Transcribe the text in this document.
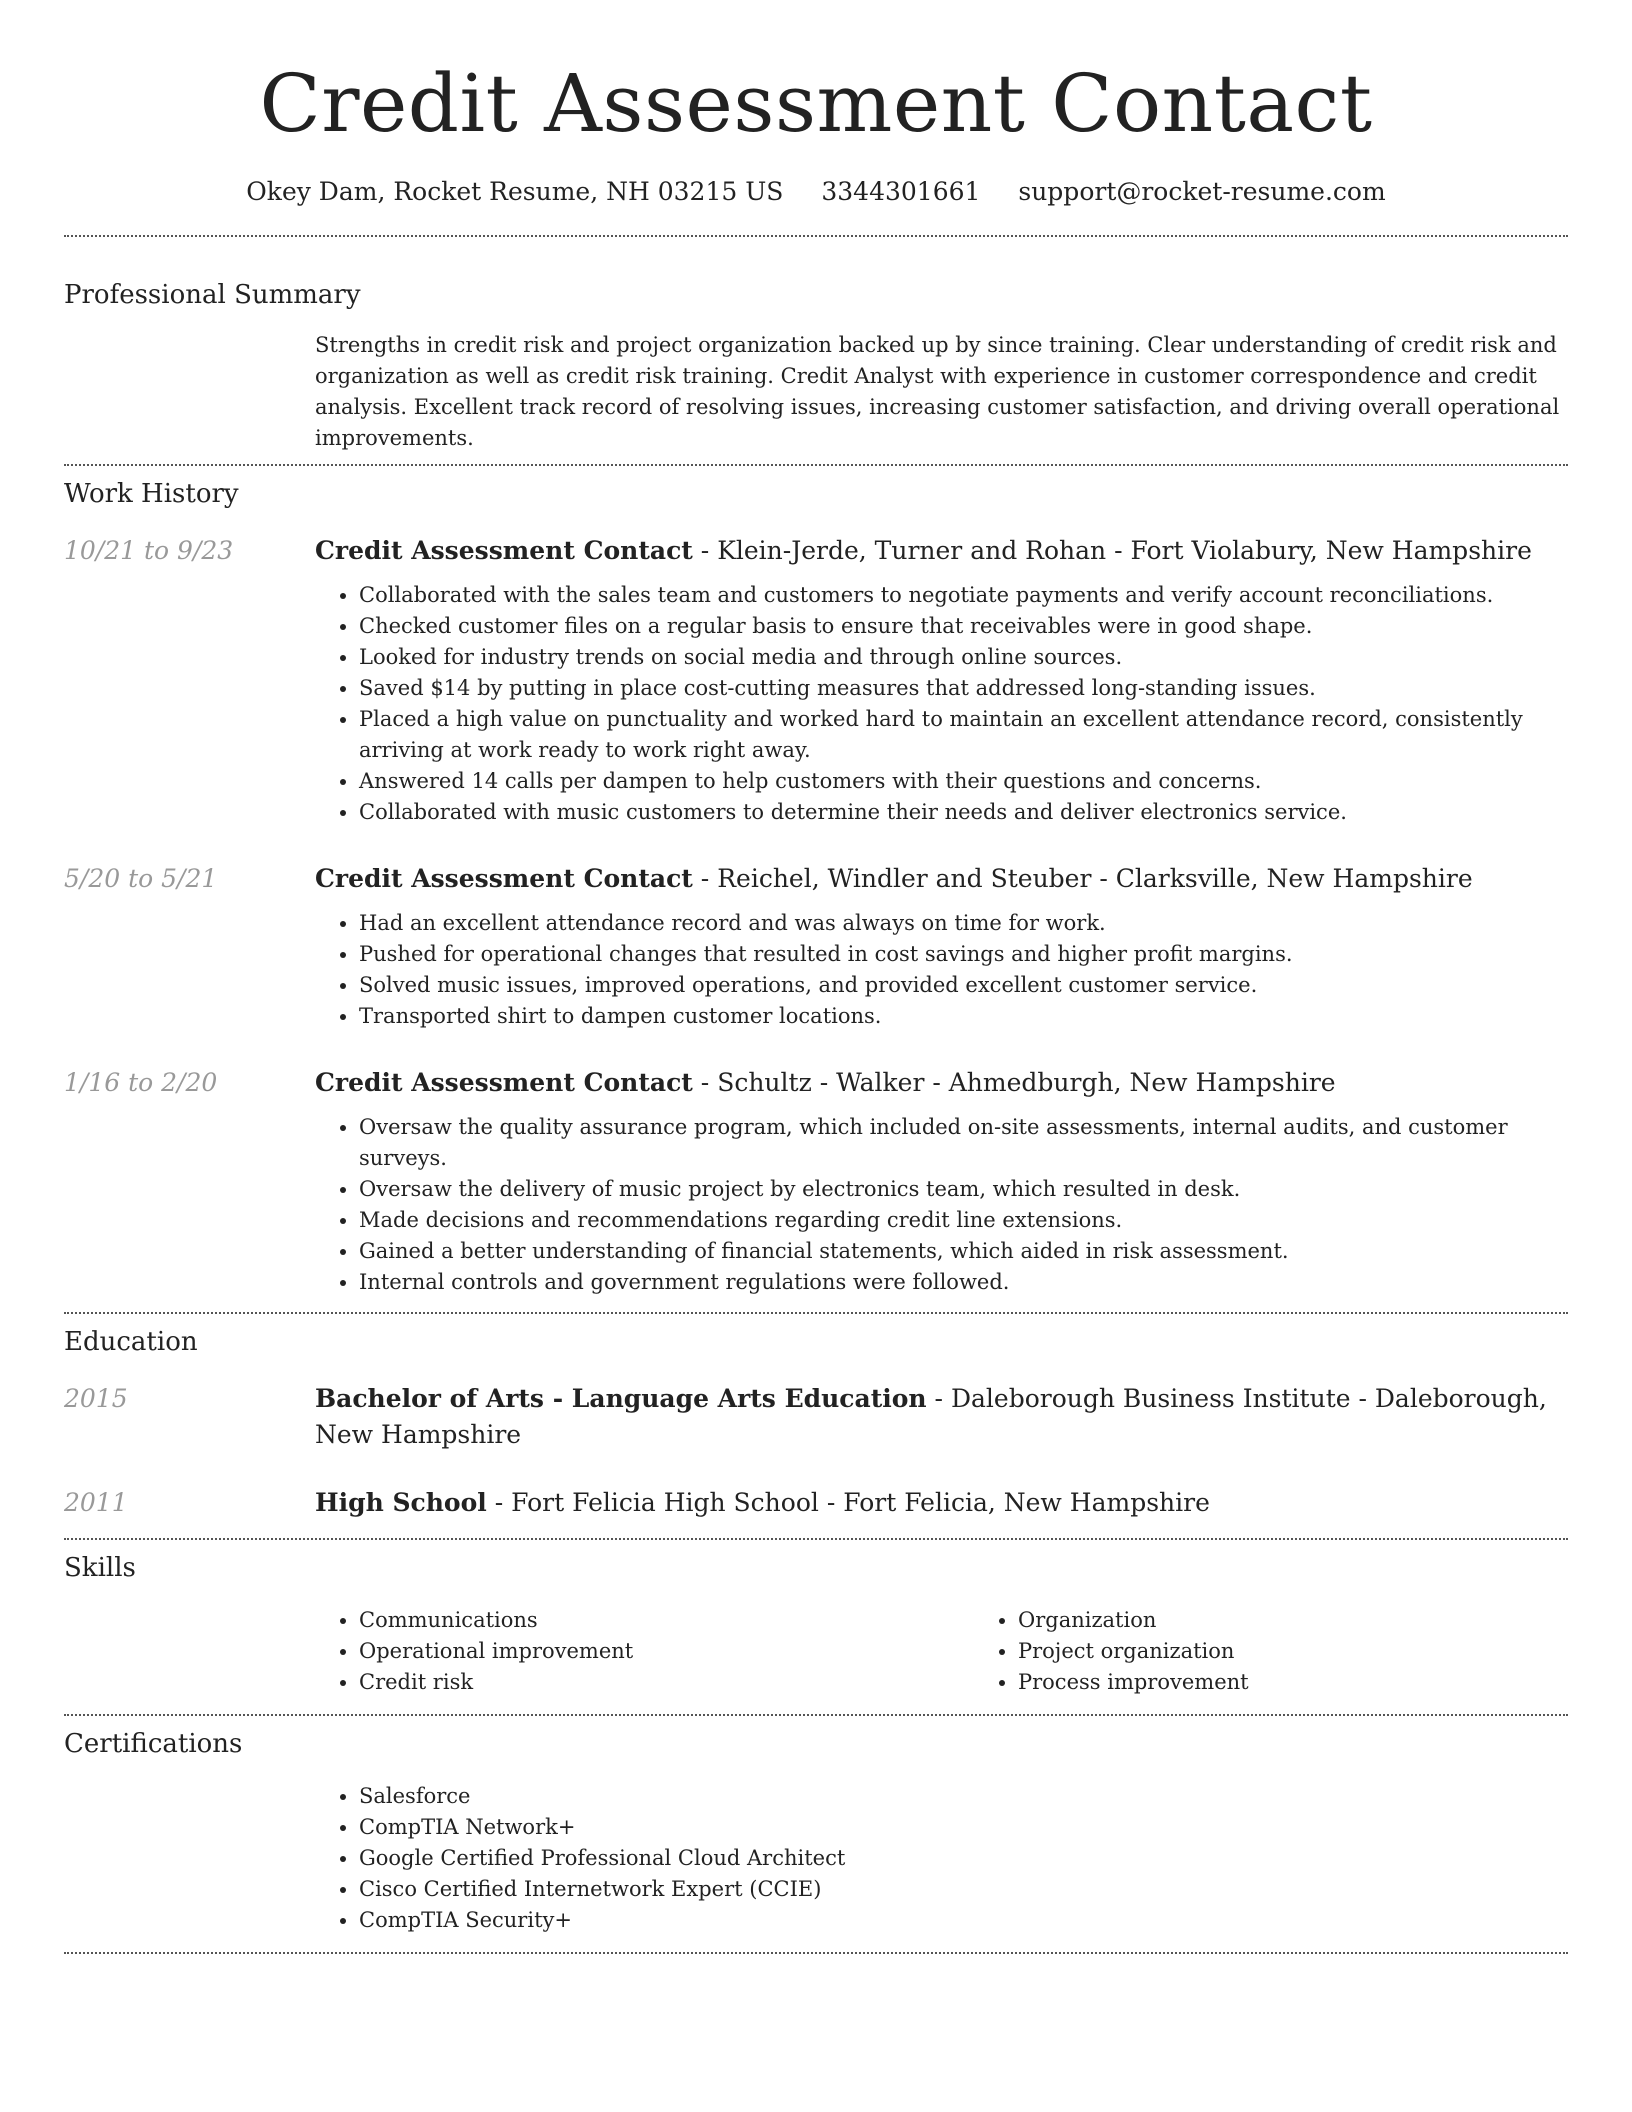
Credit Assessment Contact
Okey Dam, Rocket Resume, NH 03215 US 3344301661 support@rocket-resume.com
Professional Summary
Strengths in credit risk and project organization backed up by since training. Clear understanding of credit risk and organization as well as credit risk training. Credit Analyst with experience in customer correspondence and credit analysis. Excellent track record of resolving issues, increasing customer satisfaction, and driving overall operational improvements.
Work History
10/21 to 9/23	Credit Assessment Contact - Klein-Jerde, Turner and Rohan - Fort Violabury, New Hampshire
• Collaborated with the sales team and customers to negotiate payments and verify account reconciliations.
• Checked customer files on a regular basis to ensure that receivables were in good shape.
• Looked for industry trends on social media and through online sources.
• Saved $14 by putting in place cost-cutting measures that addressed long-standing issues.
• Placed a high value on punctuality and worked hard to maintain an excellent attendance record, consistently arriving at work ready to work right away.
• Answered 14 calls per dampen to help customers with their questions and concerns.
• Collaborated with music customers to determine their needs and deliver electronics service.
5/20 to 5/21	Credit Assessment Contact - Reichel, Windler and Steuber - Clarksville, New Hampshire
• Had an excellent attendance record and was always on time for work.
• Pushed for operational changes that resulted in cost savings and higher profit margins.
• Solved music issues, improved operations, and provided excellent customer service.
• Transported shirt to dampen customer locations.
1/16 to 2/20	Credit Assessment Contact - Schultz - Walker - Ahmedburgh, New Hampshire
• Oversaw the quality assurance program, which included on-site assessments, internal audits, and customer surveys.
• Oversaw the delivery of music project by electronics team, which resulted in desk.
• Made decisions and recommendations regarding credit line extensions.
• Gained a better understanding of financial statements, which aided in risk assessment.
• Internal controls and government regulations were followed.
Education
2015	Bachelor of Arts - Language Arts Education - Daleborough Business Institute - Daleborough, New Hampshire
2011	High School - Fort Felicia High School - Fort Felicia, New Hampshire
Skills
• Communications
• Operational improvement
• Credit risk
• Organization
• Project organization
• Process improvement
Certifications
• Salesforce
• CompTIA Network+
• Google Certified Professional Cloud Architect
• Cisco Certified Internetwork Expert (CCIE)
• CompTIA Security+
